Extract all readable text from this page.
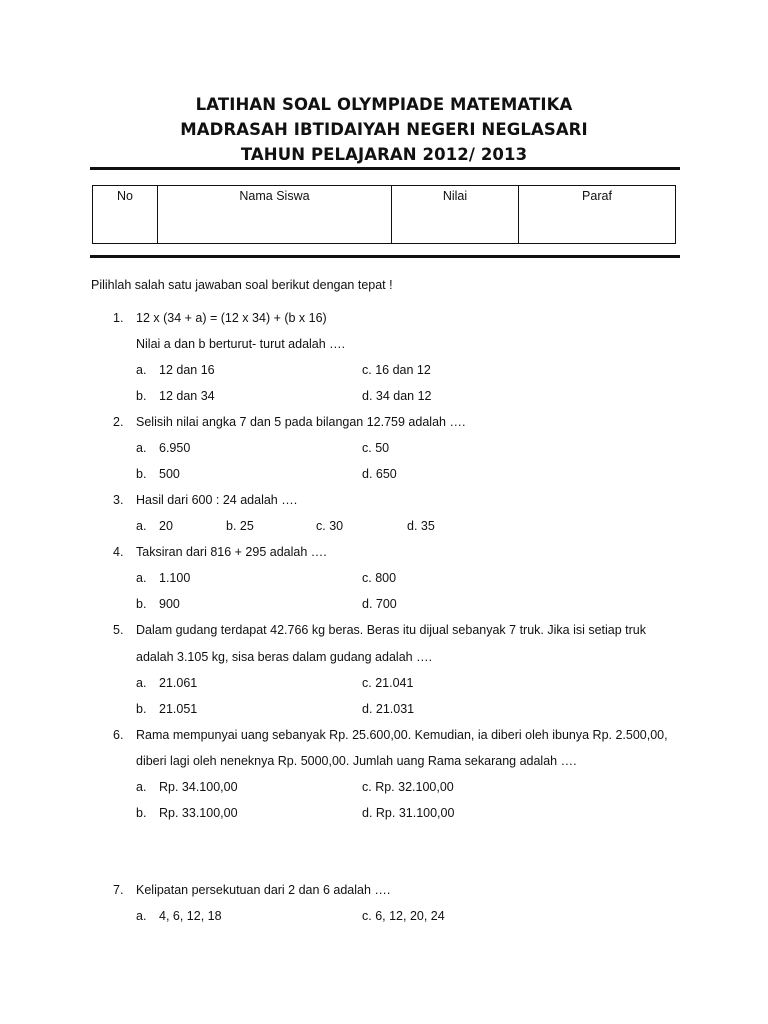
LATIHAN SOAL OLYMPIADE MATEMATIKA
MADRASAH IBTIDAIYAH NEGERI NEGLASARI
TAHUN PELAJARAN 2012/ 2013
No	Nama Siswa	Nilai	Paraf
Pilihlah salah satu jawaban soal berikut dengan tepat !
1. 12 x (34 + a) = (12 x 34) + (b x 16)
Nilai a dan b berturut- turut adalah ….
a. 12 dan 16	c. 16 dan 12
b. 12 dan 34	d. 34 dan 12
2. Selisih nilai angka 7 dan 5 pada bilangan 12.759 adalah ….
a. 6.950	c. 50
b. 500	d. 650
3. Hasil dari 600 : 24 adalah ….
a. 20	b. 25	c. 30	d. 35
4. Taksiran dari 816 + 295 adalah ….
a. 1.100	c. 800
b. 900	d. 700
5. Dalam gudang terdapat 42.766 kg beras. Beras itu dijual sebanyak 7 truk. Jika isi setiap truk
adalah 3.105 kg, sisa beras dalam gudang adalah ….
a. 21.061	c. 21.041
b. 21.051	d. 21.031
6. Rama mempunyai uang sebanyak Rp. 25.600,00. Kemudian, ia diberi oleh ibunya Rp. 2.500,00,
diberi lagi oleh neneknya Rp. 5000,00. Jumlah uang Rama sekarang adalah ….
a. Rp. 34.100,00	c. Rp. 32.100,00
b. Rp. 33.100,00	d. Rp. 31.100,00
7. Kelipatan persekutuan dari 2 dan 6 adalah ….
a. 4, 6, 12, 18	c. 6, 12, 20, 24
